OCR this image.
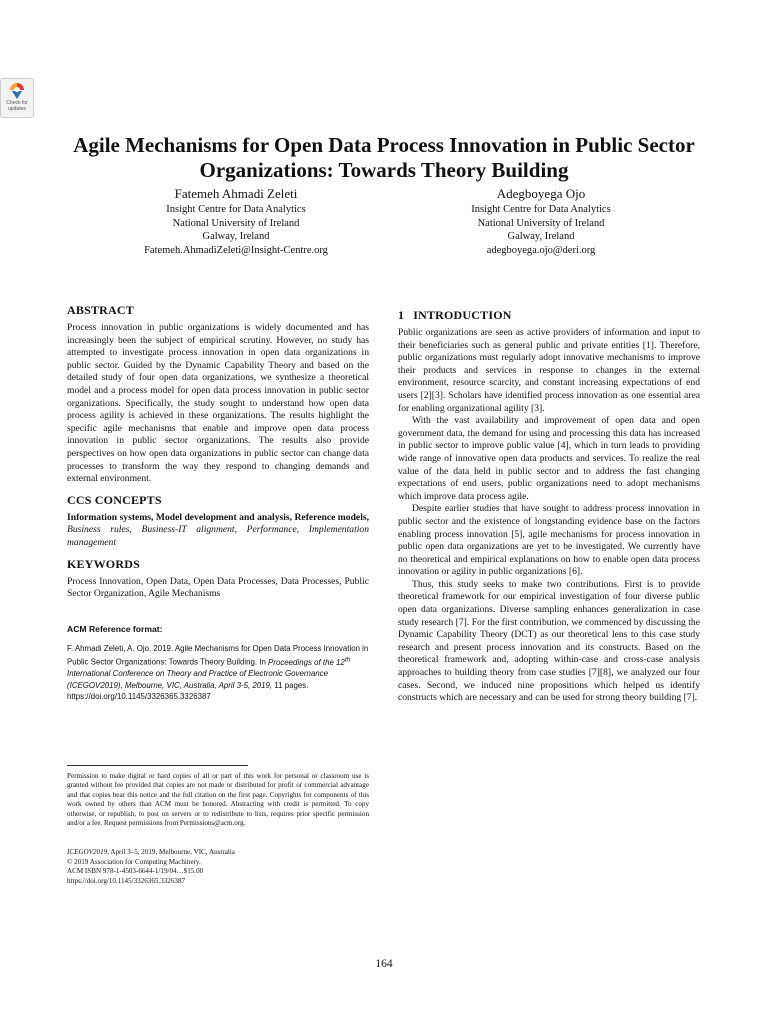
Check for
updates
Agile Mechanisms for Open Data Process Innovation in Public Sector Organizations: Towards Theory Building
Fatemeh Ahmadi Zeleti
Insight Centre for Data Analytics
National University of Ireland
Galway, Ireland
Fatemeh.AhmadiZeleti@Insight-Centre.org
Adegboyega Ojo
Insight Centre for Data Analytics
National University of Ireland
Galway, Ireland
adegboyega.ojo@deri.org
ABSTRACT

Process innovation in public organizations is widely documented and has increasingly been the subject of empirical scrutiny. However, no study has attempted to investigate process innovation in open data organizations in public sector. Guided by the Dynamic Capability Theory and based on the detailed study of four open data organizations, we synthesize a theoretical model and a process model for open data process innovation in public sector organizations. Specifically, the study sought to understand how open data process agility is achieved in these organizations. The results highlight the specific agile mechanisms that enable and improve open data process innovation in public sector organizations. The results also provide perspectives on how open data organizations in public sector can change data processes to transform the way they respond to changing demands and external environment.

CCS CONCEPTS

Information systems, Model development and analysis, Reference models, Business rules, Business-IT alignment, Performance, Implementation management

KEYWORDS

Process Innovation, Open Data, Open Data Processes, Data Processes, Public Sector Organization, Agile Mechanisms

ACM Reference format:
F. Ahmadi Zeleti, A. Ojo. 2019. Agile Mechanisms for Open Data Process Innovation in Public Sector Organizations: Towards Theory Building. In Proceedings of the 12th International Conference on Theory and Practice of Electronic Governance (ICEGOV2019), Melbourne, VIC, Australia, April 3-5, 2019, 11 pages. https://doi.org/10.1145/3326365.3326387
Permission to make digital or hard copies of all or part of this work for personal or classroom use is granted without fee provided that copies are not made or distributed for profit or commercial advantage and that copies bear this notice and the full citation on the first page. Copyrights for components of this work owned by others than ACM must be honored. Abstracting with credit is permitted. To copy otherwise, or republish, to post on servers or to redistribute to lists, requires prior specific permission and/or a fee. Request permissions from Permissions@acm.org.
ICEGOV2019, April 3–5, 2019, Melbourne, VIC, Australia
© 2019 Association for Computing Machinery.
ACM ISBN 978-1-4503-6644-1/19/04…$15.00
https://doi.org/10.1145/3326365.3326387
1 INTRODUCTION

Public organizations are seen as active providers of information and input to their beneficiaries such as general public and private entities [1]. Therefore, public organizations must regularly adopt innovative mechanisms to improve their products and services in response to changes in the external environment, resource scarcity, and constant increasing expectations of end users [2][3]. Scholars have identified process innovation as one essential area for enabling organizational agility [3].

With the vast availability and improvement of open data and open government data, the demand for using and processing this data has increased in public sector to improve public value [4], which in turn leads to providing wide range of innovative open data products and services. To realize the real value of the data held in public sector and to address the fast changing expectations of end users, public organizations need to adopt mechanisms which improve data process agile.

Despite earlier studies that have sought to address process innovation in public sector and the existence of longstanding evidence base on the factors enabling process innovation [5], agile mechanisms for process innovation in public open data organizations are yet to be investigated. We currently have no theoretical and empirical explanations on how to enable open data process innovation or agility in public organizations [6].

Thus, this study seeks to make two contributions. First is to provide theoretical framework for our empirical investigation of four diverse public open data organizations. Diverse sampling enhances generalization in case study research [7]. For the first contribution, we commenced by discussing the Dynamic Capability Theory (DCT) as our theoretical lens to this case study research and present process innovation and its constructs. Based on the theoretical framework and, adopting within-case and cross-case analysis approaches to building theory from case studies [7][8], we analyzed our four cases. Second, we induced nine propositions which helped us identify constructs which are necessary and can be used for strong theory building [7].

164
